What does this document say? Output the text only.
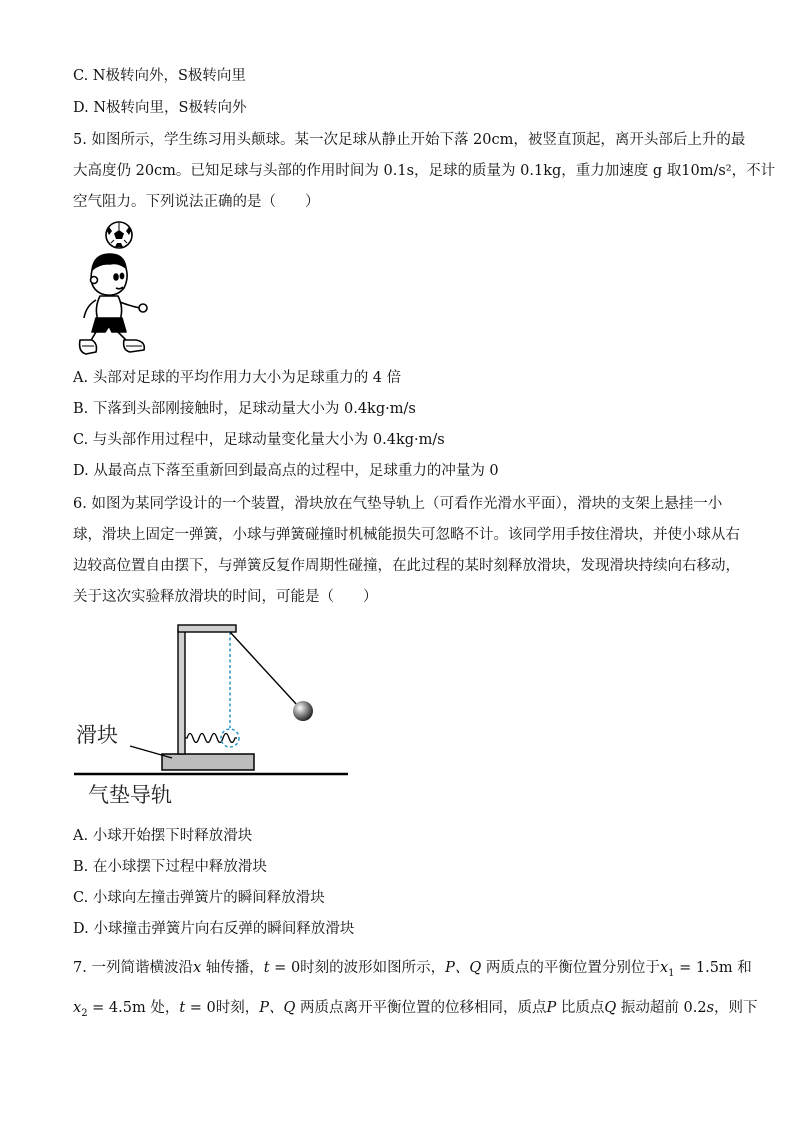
C. N极转向外，S极转向里
D. N极转向里，S极转向外
5. 如图所示，学生练习用头颠球。某一次足球从静止开始下落 20cm，被竖直顶起，离开头部后上升的最
大高度仍 20cm。已知足球与头部的作用时间为 0.1s，足球的质量为 0.1kg，重力加速度 g 取10m/s²，不计
空气阻力。下列说法正确的是（　　）
A. 头部对足球的平均作用力大小为足球重力的 4 倍
B. 下落到头部刚接触时，足球动量大小为 0.4kg·m/s
C. 与头部作用过程中，足球动量变化量大小为 0.4kg·m/s
D. 从最高点下落至重新回到最高点的过程中，足球重力的冲量为 0
6. 如图为某同学设计的一个装置，滑块放在气垫导轨上（可看作光滑水平面），滑块的支架上悬挂一小
球，滑块上固定一弹簧，小球与弹簧碰撞时机械能损失可忽略不计。该同学用手按住滑块，并使小球从右
边较高位置自由摆下，与弹簧反复作周期性碰撞，在此过程的某时刻释放滑块，发现滑块持续向右移动，
关于这次实验释放滑块的时间，可能是（　　）
滑块
气垫导轨
A. 小球开始摆下时释放滑块
B. 在小球摆下过程中释放滑块
C. 小球向左撞击弹簧片的瞬间释放滑块
D. 小球撞击弹簧片向右反弹的瞬间释放滑块
7. 一列简谐横波沿x 轴传播，t = 0时刻的波形如图所示，P、Q 两质点的平衡位置分别位于$x_1 = 1.5m$ 和
$x_2 = 4.5m$ 处，t = 0时刻，P、Q 两质点离开平衡位置的位移相同，质点P 比质点Q 振动超前 0.2s，则下
